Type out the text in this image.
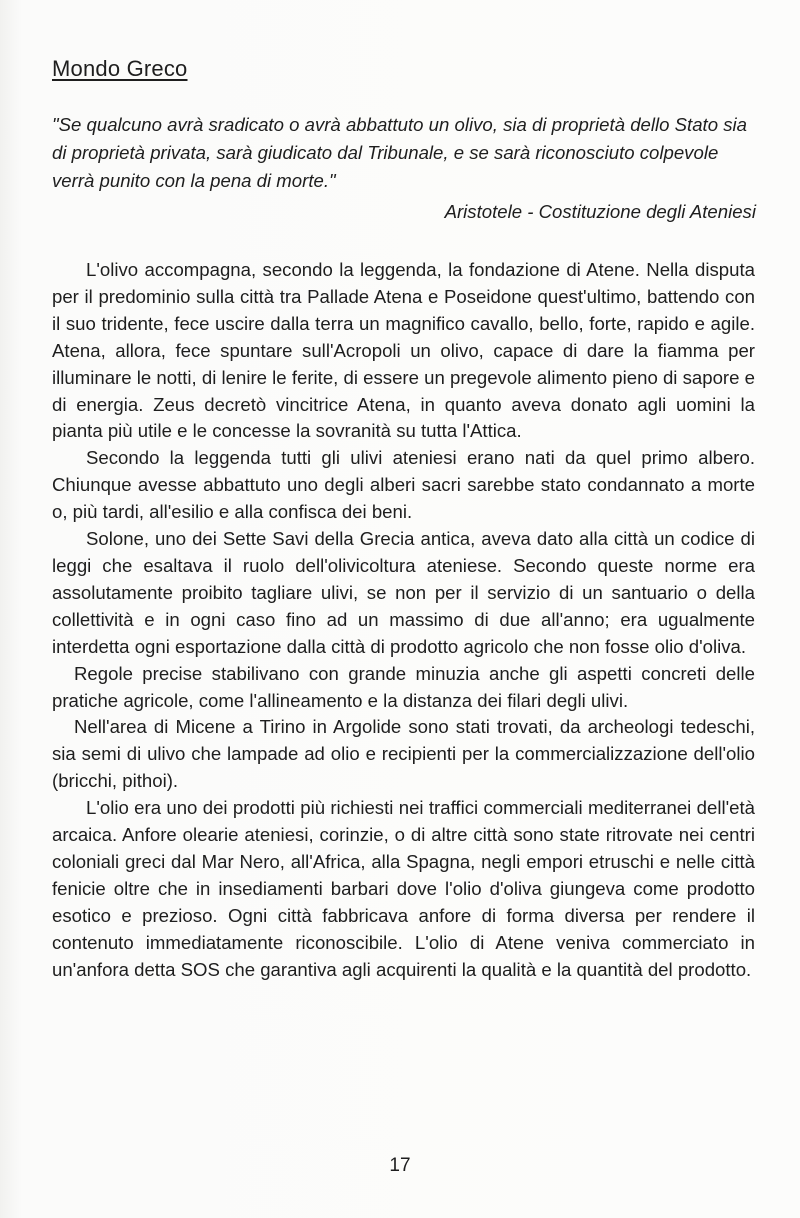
Mondo Greco

"Se qualcuno avrà sradicato o avrà abbattuto un olivo, sia di proprietà dello Stato sia di proprietà privata, sarà giudicato dal Tribunale, e se sarà riconosciuto colpevole verrà punito con la pena di morte."

Aristotele - Costituzione degli Ateniesi

L'olivo accompagna, secondo la leggenda, la fondazione di Atene. Nella disputa per il predominio sulla città tra Pallade Atena e Poseidone quest'ultimo, battendo con il suo tridente, fece uscire dalla terra un magnifico cavallo, bello, forte, rapido e agile. Atena, allora, fece spuntare sull'Acropoli un olivo, capace di dare la fiamma per illuminare le notti, di lenire le ferite, di essere un pregevole alimento pieno di sapore e di energia. Zeus decretò vincitrice Atena, in quanto aveva donato agli uomini la pianta più utile e le concesse la sovranità su tutta l'Attica.

Secondo la leggenda tutti gli ulivi ateniesi erano nati da quel primo albero. Chiunque avesse abbattuto uno degli alberi sacri sarebbe stato condannato a morte o, più tardi, all'esilio e alla confisca dei beni.

Solone, uno dei Sette Savi della Grecia antica, aveva dato alla città un codice di leggi che esaltava il ruolo dell'olivicoltura ateniese. Secondo queste norme era assolutamente proibito tagliare ulivi, se non per il servizio di un santuario o della collettività e in ogni caso fino ad un massimo di due all'anno; era ugualmente interdetta ogni esportazione dalla città di prodotto agricolo che non fosse olio d'oliva.

Regole precise stabilivano con grande minuzia anche gli aspetti concreti delle pratiche agricole, come l'allineamento e la distanza dei filari degli ulivi.

Nell'area di Micene a Tirino in Argolide sono stati trovati, da archeologi tedeschi, sia semi di ulivo che lampade ad olio e recipienti per la commercializzazione dell'olio (bricchi, pithoi).

L'olio era uno dei prodotti più richiesti nei traffici commerciali mediterranei dell'età arcaica. Anfore olearie ateniesi, corinzie, o di altre città sono state ritrovate nei centri coloniali greci dal Mar Nero, all'Africa, alla Spagna, negli empori etruschi e nelle città fenicie oltre che in insediamenti barbari dove l'olio d'oliva giungeva come prodotto esotico e prezioso. Ogni città fabbricava anfore di forma diversa per rendere il contenuto immediatamente riconoscibile. L'olio di Atene veniva commerciato in un'anfora detta SOS che garantiva agli acquirenti la qualità e la quantità del prodotto.

17
